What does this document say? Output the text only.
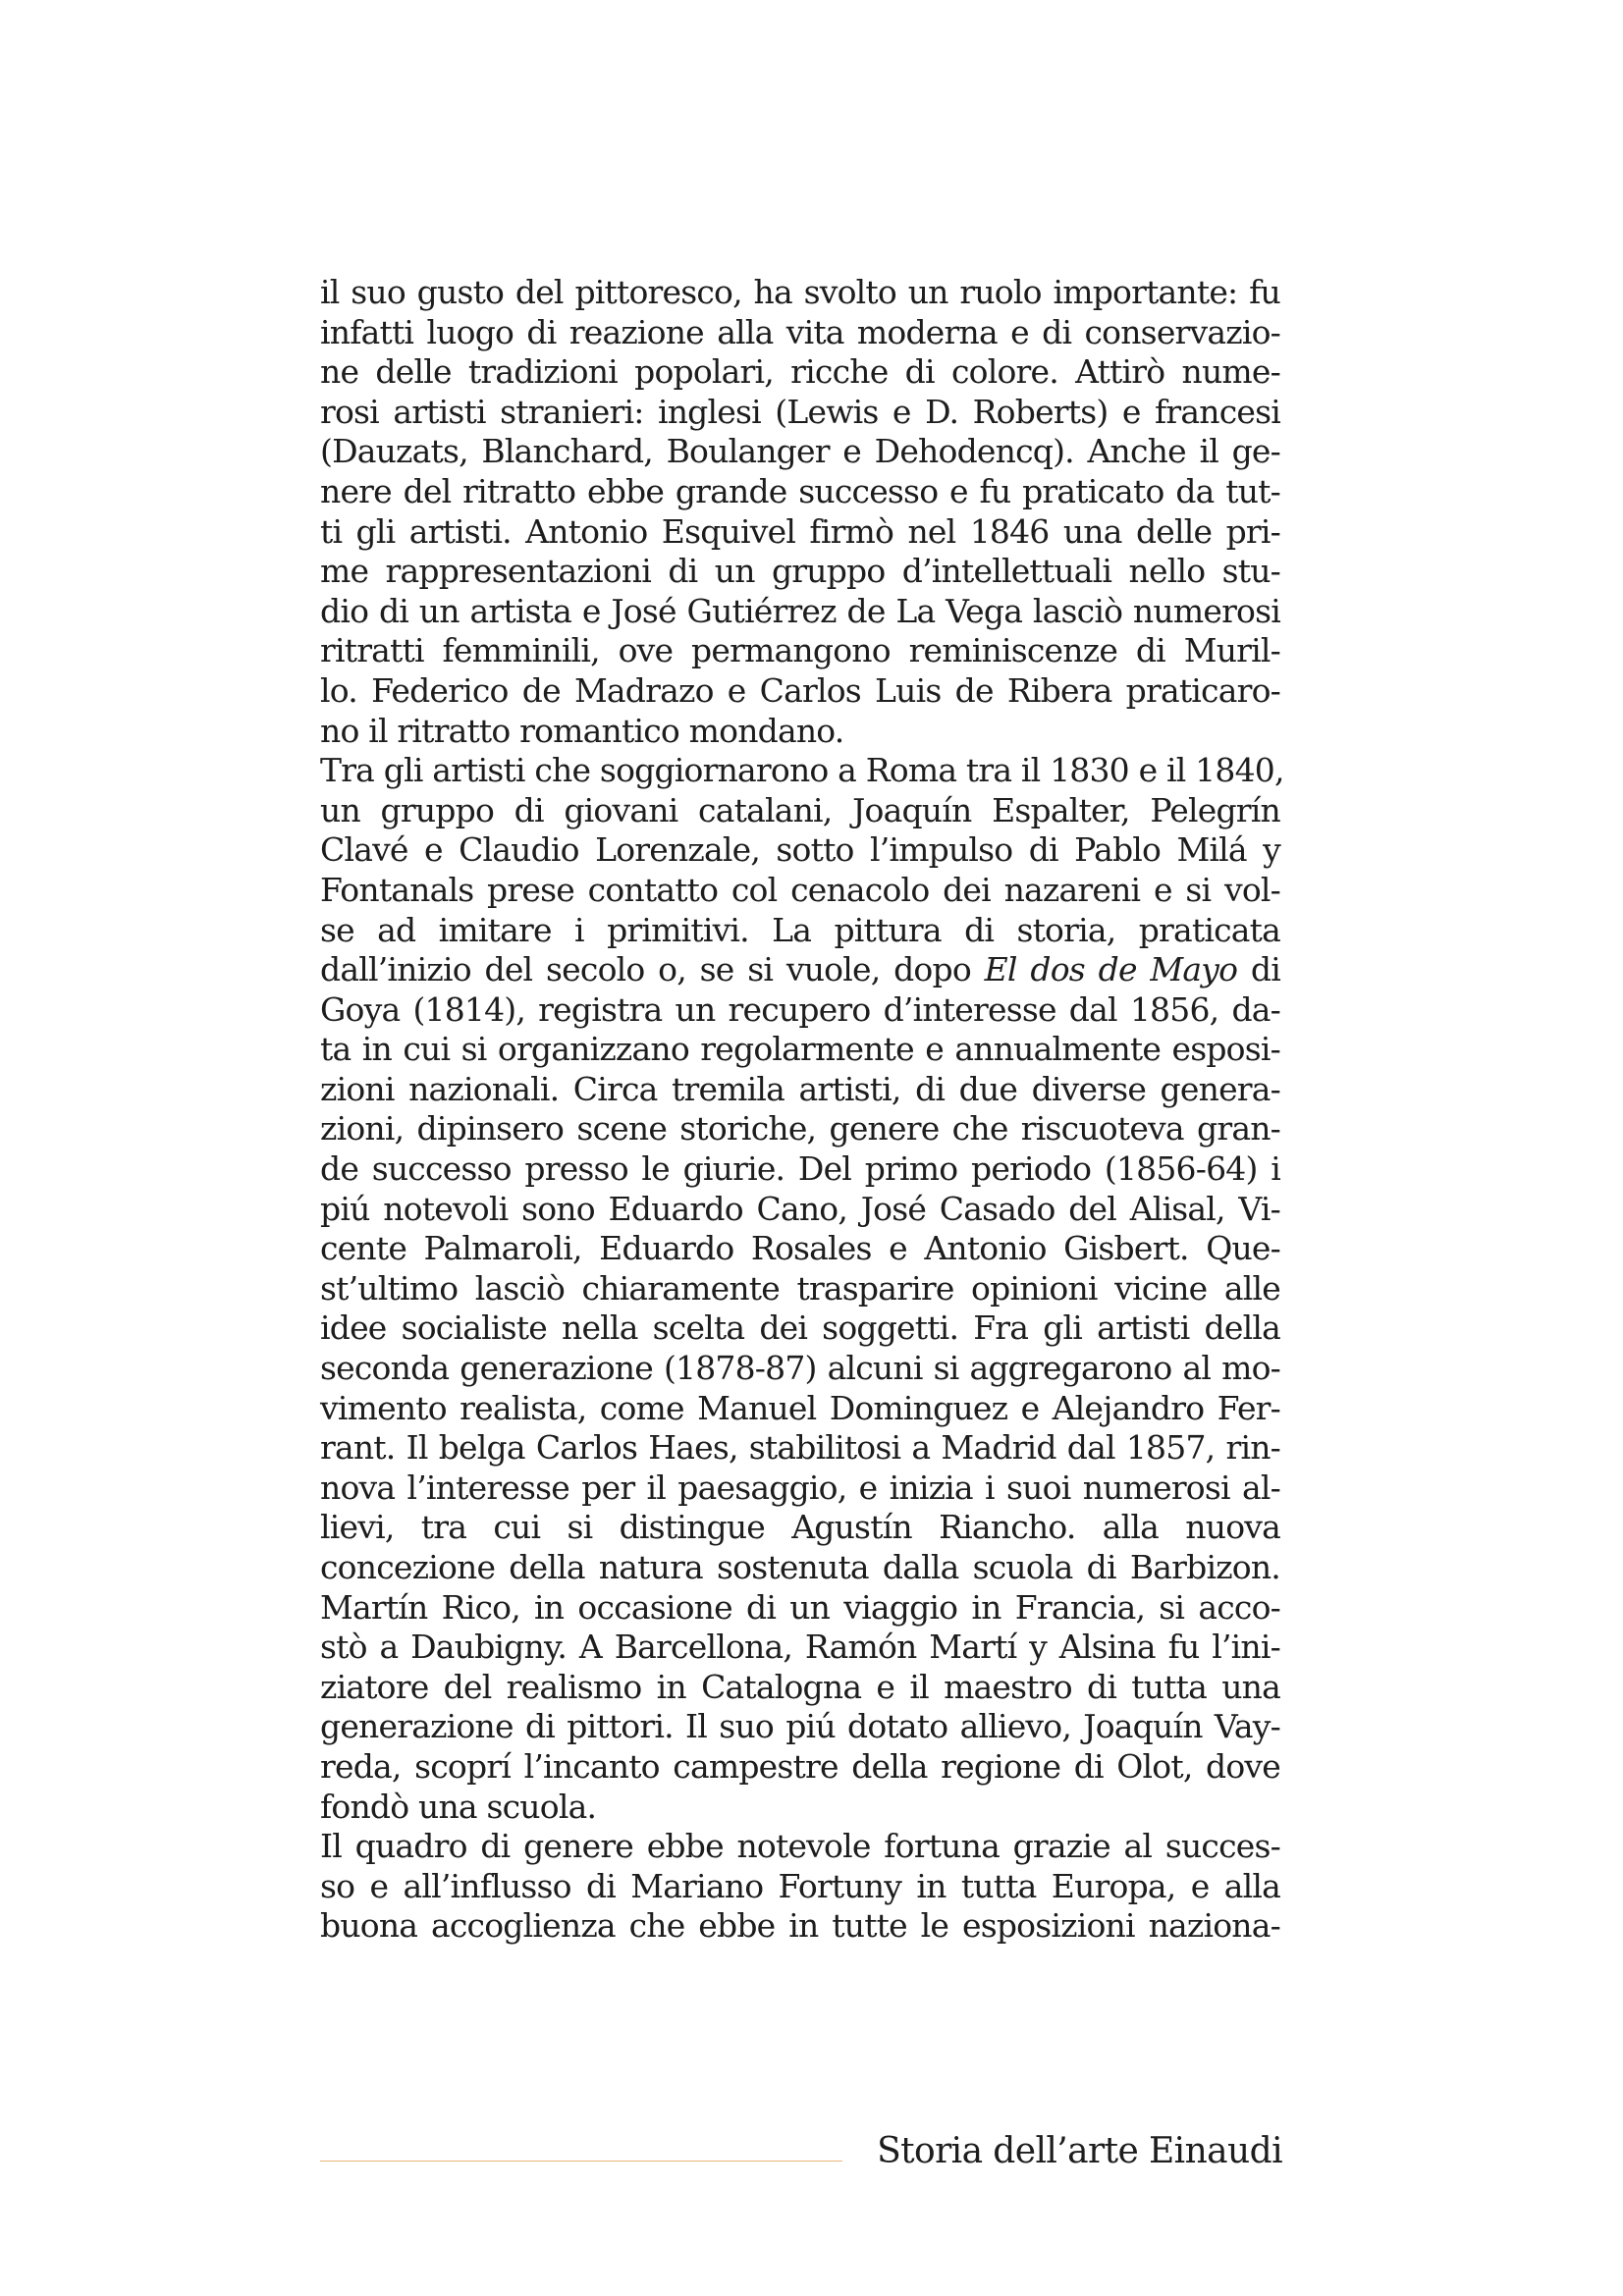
il suo gusto del pittoresco, ha svolto un ruolo importante: fu
infatti luogo di reazione alla vita moderna e di conservazio-
ne delle tradizioni popolari, ricche di colore. Attirò nume-
rosi artisti stranieri: inglesi (Lewis e D. Roberts) e francesi
(Dauzats, Blanchard, Boulanger e Dehodencq). Anche il ge-
nere del ritratto ebbe grande successo e fu praticato da tut-
ti gli artisti. Antonio Esquivel firmò nel 1846 una delle pri-
me rappresentazioni di un gruppo d’intellettuali nello stu-
dio di un artista e José Gutiérrez de La Vega lasciò numerosi
ritratti femminili, ove permangono reminiscenze di Muril-
lo. Federico de Madrazo e Carlos Luis de Ribera praticaro-
no il ritratto romantico mondano.
Tra gli artisti che soggiornarono a Roma tra il 1830 e il 1840,
un gruppo di giovani catalani, Joaquín Espalter, Pelegrín
Clavé e Claudio Lorenzale, sotto l’impulso di Pablo Milá y
Fontanals prese contatto col cenacolo dei nazareni e si vol-
se ad imitare i primitivi. La pittura di storia, praticata
dall’inizio del secolo o, se si vuole, dopo El dos de Mayo di
Goya (1814), registra un recupero d’interesse dal 1856, da-
ta in cui si organizzano regolarmente e annualmente esposi-
zioni nazionali. Circa tremila artisti, di due diverse genera-
zioni, dipinsero scene storiche, genere che riscuoteva gran-
de successo presso le giurie. Del primo periodo (1856-64) i
piú notevoli sono Eduardo Cano, José Casado del Alisal, Vi-
cente Palmaroli, Eduardo Rosales e Antonio Gisbert. Que-
st’ultimo lasciò chiaramente trasparire opinioni vicine alle
idee socialiste nella scelta dei soggetti. Fra gli artisti della
seconda generazione (1878-87) alcuni si aggregarono al mo-
vimento realista, come Manuel Dominguez e Alejandro Fer-
rant. Il belga Carlos Haes, stabilitosi a Madrid dal 1857, rin-
nova l’interesse per il paesaggio, e inizia i suoi numerosi al-
lievi, tra cui si distingue Agustín Riancho. alla nuova
concezione della natura sostenuta dalla scuola di Barbizon.
Martín Rico, in occasione di un viaggio in Francia, si acco-
stò a Daubigny. A Barcellona, Ramón Martí y Alsina fu l’ini-
ziatore del realismo in Catalogna e il maestro di tutta una
generazione di pittori. Il suo piú dotato allievo, Joaquín Vay-
reda, scoprí l’incanto campestre della regione di Olot, dove
fondò una scuola.
Il quadro di genere ebbe notevole fortuna grazie al succes-
so e all’influsso di Mariano Fortuny in tutta Europa, e alla
buona accoglienza che ebbe in tutte le esposizioni naziona-
Storia dell’arte Einaudi
